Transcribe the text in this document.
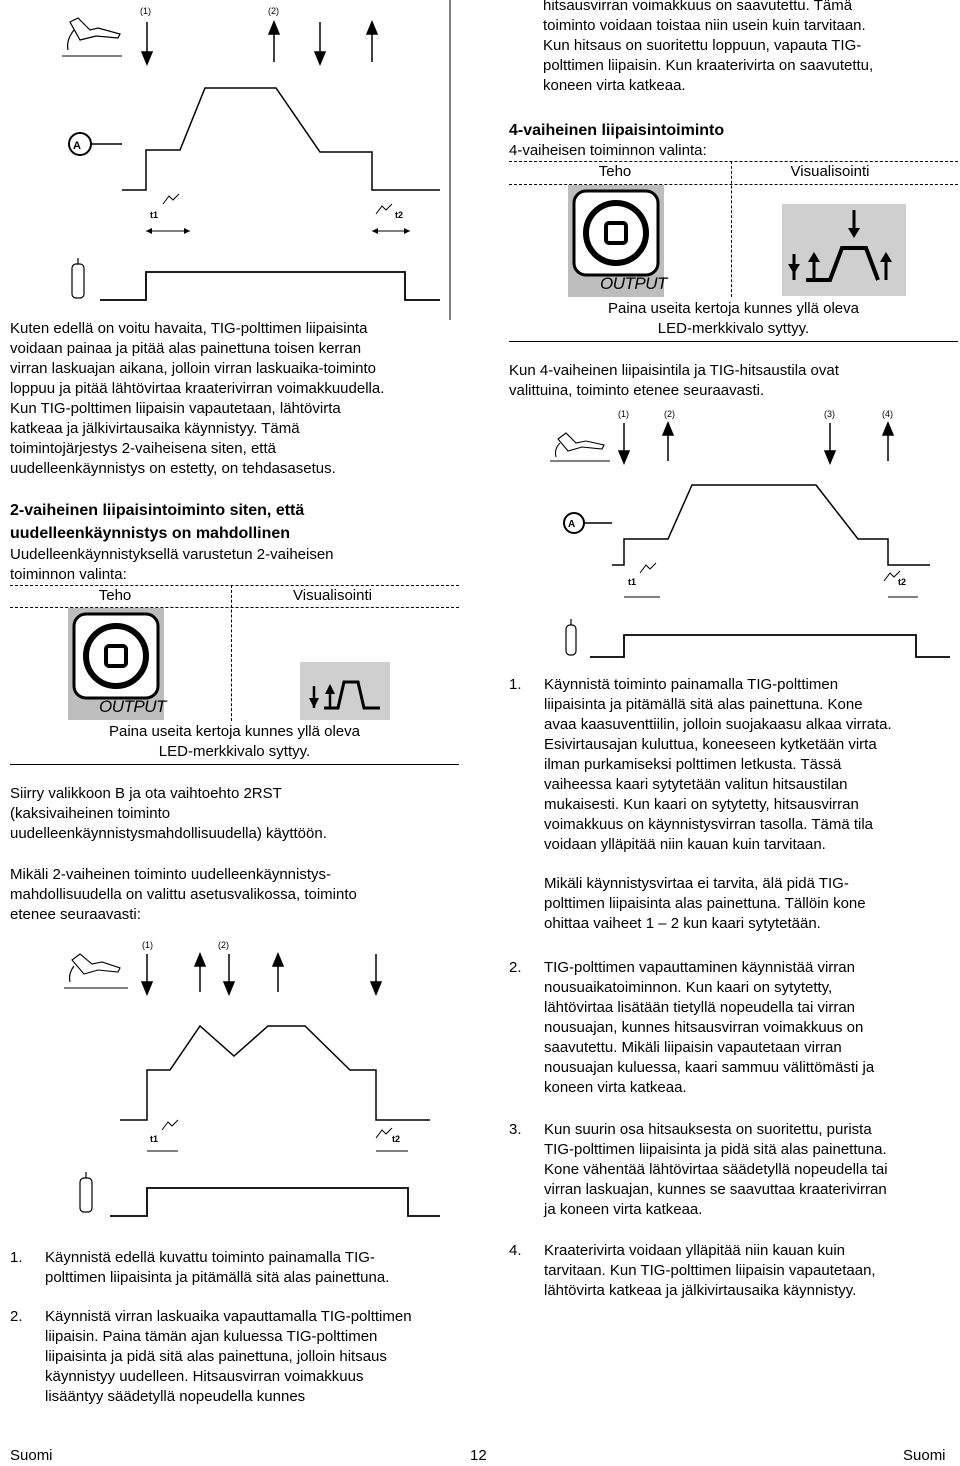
(1)	(2)
A
t1	t2
hitsausvirran voimakkuus on saavutettu. Tämä
toiminto voidaan toistaa niin usein kuin tarvitaan.
Kun hitsaus on suoritettu loppuun, vapauta TIG-
polttimen liipaisin. Kun kraaterivirta on saavutettu,
koneen virta katkeaa.
4-vaiheinen liipaisintoiminto
4-vaiheisen toiminnon valinta:
Teho	Visualisointi
OUTPUT
Paina useita kertoja kunnes yllä oleva
LED-merkkivalo syttyy.
Kun 4-vaiheinen liipaisintila ja TIG-hitsaustila ovat
valittuina, toiminto etenee seuraavasti.
(1)	(2)	(3)	(4)
A
t1	t2
Kuten edellä on voitu havaita, TIG-polttimen liipaisinta
voidaan painaa ja pitää alas painettuna toisen kerran
virran laskuajan aikana, jolloin virran laskuaika-toiminto
loppuu ja pitää lähtövirtaa kraaterivirran voimakkuudella.
Kun TIG-polttimen liipaisin vapautetaan, lähtövirta
katkeaa ja jälkivirtausaika käynnistyy. Tämä
toimintojärjestys 2-vaiheisena siten, että
uudelleenkäynnistys on estetty, on tehdasasetus.
2-vaiheinen liipaisintoiminto siten, että
uudelleenkäynnistys on mahdollinen
Uudelleenkäynnistyksellä varustetun 2-vaiheisen
toiminnon valinta:
Teho	Visualisointi
OUTPUT
Paina useita kertoja kunnes yllä oleva
LED-merkkivalo syttyy.
Siirry valikkoon B ja ota vaihtoehto 2RST
(kaksivaiheinen toiminto
uudelleenkäynnistysmahdollisuudella) käyttöön.
Mikäli 2-vaiheinen toiminto uudelleenkäynnistys-
mahdollisuudella on valittu asetusvalikossa, toiminto
etenee seuraavasti:
(1)	(2)
t1	t2
1. Käynnistä edellä kuvattu toiminto painamalla TIG-
polttimen liipaisinta ja pitämällä sitä alas painettuna.
2. Käynnistä virran laskuaika vapauttamalla TIG-polttimen
liipaisin. Paina tämän ajan kuluessa TIG-polttimen
liipaisinta ja pidä sitä alas painettuna, jolloin hitsaus
käynnistyy uudelleen. Hitsausvirran voimakkuus
lisääntyy säädetyllä nopeudella kunnes
1. Käynnistä toiminto painamalla TIG-polttimen
liipaisinta ja pitämällä sitä alas painettuna. Kone
avaa kaasuventtiilin, jolloin suojakaasu alkaa virrata.
Esivirtausajan kuluttua, koneeseen kytketään virta
ilman purkamiseksi polttimen letkusta. Tässä
vaiheessa kaari sytytetään valitun hitsaustilan
mukaisesti. Kun kaari on sytytetty, hitsausvirran
voimakkuus on käynnistysvirran tasolla. Tämä tila
voidaan ylläpitää niin kauan kuin tarvitaan.
Mikäli käynnistysvirtaa ei tarvita, älä pidä TIG-
polttimen liipaisinta alas painettuna. Tällöin kone
ohittaa vaiheet 1 – 2 kun kaari sytytetään.
2. TIG-polttimen vapauttaminen käynnistää virran
nousuaikatoiminnon. Kun kaari on sytytetty,
lähtövirtaa lisätään tietyllä nopeudella tai virran
nousuajan, kunnes hitsausvirran voimakkuus on
saavutettu. Mikäli liipaisin vapautetaan virran
nousuajan kuluessa, kaari sammuu välittömästi ja
koneen virta katkeaa.
3. Kun suurin osa hitsauksesta on suoritettu, purista
TIG-polttimen liipaisinta ja pidä sitä alas painettuna.
Kone vähentää lähtövirtaa säädetyllä nopeudella tai
virran laskuajan, kunnes se saavuttaa kraaterivirran
ja koneen virta katkeaa.
4. Kraaterivirta voidaan ylläpitää niin kauan kuin
tarvitaan. Kun TIG-polttimen liipaisin vapautetaan,
lähtövirta katkeaa ja jälkivirtausaika käynnistyy.
Suomi	12	Suomi
